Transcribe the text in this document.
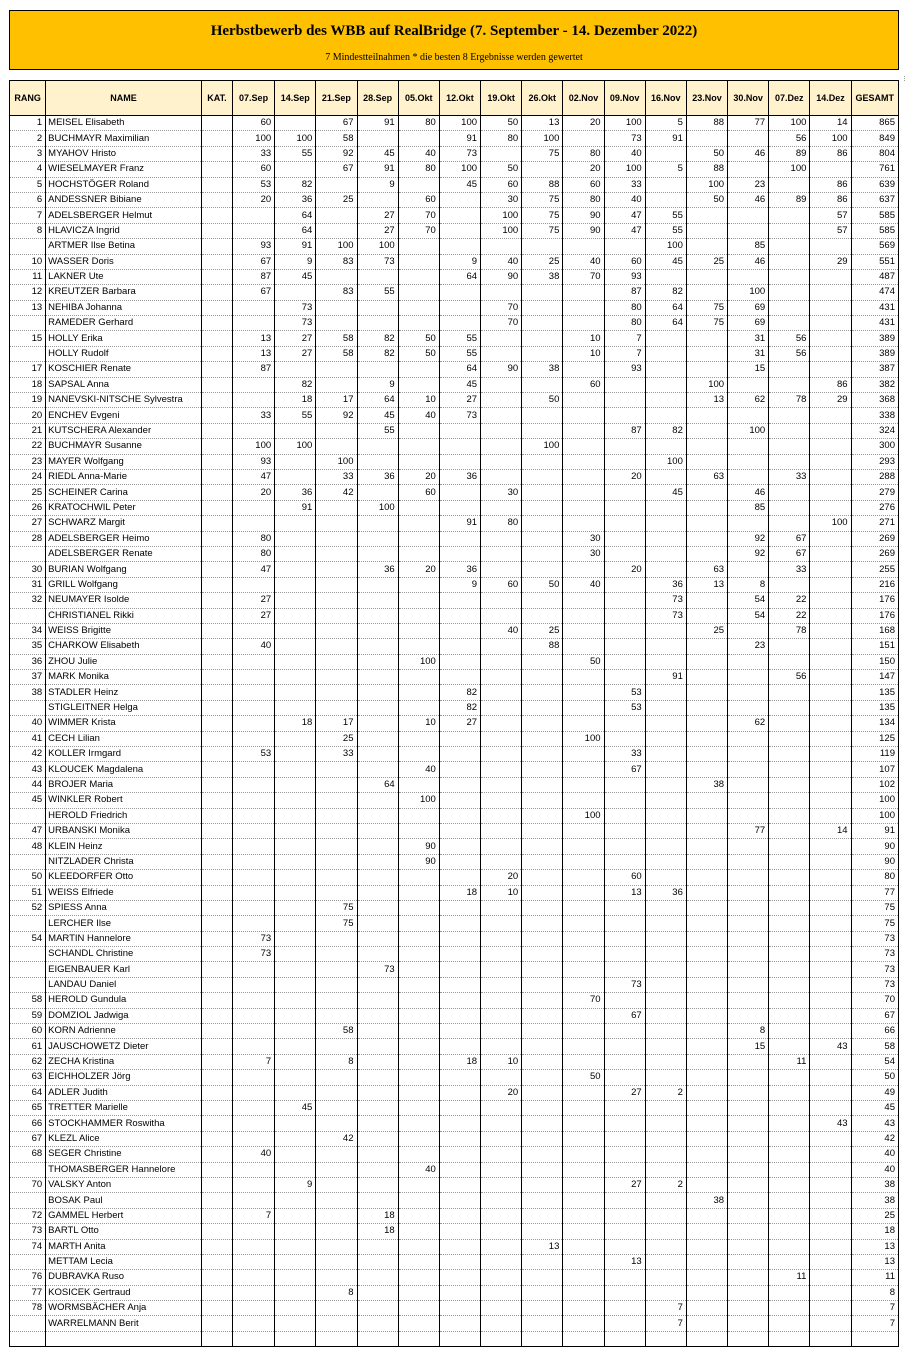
Herbstbewerb des WBB auf RealBridge (7. September - 14. Dezember 2022)
7 Mindestteilnahmen * die besten 8 Ergebnisse werden gewertet
RANG	NAME	KAT.	07.Sep	14.Sep	21.Sep	28.Sep	05.Okt	12.Okt	19.Okt	26.Okt	02.Nov	09.Nov	16.Nov	23.Nov	30.Nov	07.Dez	14.Dez	GESAMT
1	MEISEL Elisabeth		60		67	91	80	100	50	13	20	100	5	88	77	100	14	865
2	BUCHMAYR Maximilian		100	100	58			91	80	100		73	91			56	100	849
3	MYAHOV Hristo		33	55	92	45	40	73		75	80	40		50	46	89	86	804
4	WIESELMAYER Franz		60		67	91	80	100	50		20	100	5	88		100		761
5	HOCHSTÖGER Roland		53	82		9		45	60	88	60	33		100	23		86	639
6	ANDESSNER Bibiane		20	36	25		60		30	75	80	40		50	46	89	86	637
7	ADELSBERGER Helmut			64		27	70		100	75	90	47	55				57	585
8	HLAVICZA Ingrid			64		27	70		100	75	90	47	55				57	585
	ARTMER Ilse Betina		93	91	100	100							100		85			569
10	WASSER Doris		67	9	83	73		9	40	25	40	60	45	25	46		29	551
11	LAKNER Ute		87	45				64	90	38	70	93						487
12	KREUTZER Barbara		67		83	55						87	82		100			474
13	NEHIBA Johanna			73					70			80	64	75	69			431
	RAMEDER Gerhard			73					70			80	64	75	69			431
15	HOLLY Erika		13	27	58	82	50	55			10	7			31	56		389
	HOLLY Rudolf		13	27	58	82	50	55			10	7			31	56		389
17	KOSCHIER Renate		87					64	90	38		93			15			387
18	SAPSAL Anna			82		9		45			60			100			86	382
19	NANEVSKI-NITSCHE Sylvestra			18	17	64	10	27		50				13	62	78	29	368
20	ENCHEV Evgeni		33	55	92	45	40	73										338
21	KUTSCHERA Alexander					55						87	82		100			324
22	BUCHMAYR Susanne		100	100						100								300
23	MAYER Wolfgang		93		100								100					293
24	RIEDL Anna-Marie		47		33	36	20	36				20		63		33		288
25	SCHEINER Carina		20	36	42		60		30				45		46			279
26	KRATOCHWIL Peter			91		100									85			276
27	SCHWARZ Margit							91	80								100	271
28	ADELSBERGER Heimo		80								30				92	67		269
	ADELSBERGER Renate		80								30				92	67		269
30	BURIAN Wolfgang		47			36	20	36				20		63		33		255
31	GRILL Wolfgang							9	60	50	40		36	13	8			216
32	NEUMAYER Isolde		27										73		54	22		176
	CHRISTIANEL Rikki		27										73		54	22		176
34	WEISS Brigitte								40	25				25		78		168
35	CHARKOW Elisabeth		40							88					23			151
36	ZHOU Julie						100				50							150
37	MARK Monika												91			56		147
38	STADLER Heinz							82				53						135
	STIGLEITNER Helga							82				53						135
40	WIMMER Krista			18	17		10	27							62			134
41	CECH Lilian				25						100							125
42	KOLLER Irmgard		53		33							33						119
43	KLOUCEK Magdalena						40					67						107
44	BROJER Maria					64								38				102
45	WINKLER Robert						100											100
	HEROLD Friedrich										100							100
47	URBANSKI Monika														77		14	91
48	KLEIN Heinz						90											90
	NITZLADER Christa						90											90
50	KLEEDORFER Otto								20			60						80
51	WEISS Elfriede							18	10			13	36					77
52	SPIESS Anna				75													75
	LERCHER Ilse				75													75
54	MARTIN Hannelore		73															73
	SCHANDL Christine		73															73
	EIGENBAUER Karl					73												73
	LANDAU Daniel											73						73
58	HEROLD Gundula										70							70
59	DOMZIOL Jadwiga											67						67
60	KORN Adrienne				58										8			66
61	JAUSCHOWETZ Dieter														15		43	58
62	ZECHA Kristina		7		8			18	10							11		54
63	EICHHOLZER Jörg										50							50
64	ADLER Judith								20			27	2					49
65	TRETTER Marielle			45														45
66	STOCKHAMMER Roswitha																43	43
67	KLEZL Alice				42													42
68	SEGER Christine		40															40
	THOMASBERGER Hannelore						40											40
70	VALSKY Anton			9								27	2					38
	BOSAK Paul													38				38
72	GAMMEL Herbert		7			18												25
73	BARTL Otto					18												18
74	MARTH Anita									13								13
	METTAM Lecia											13						13
76	DUBRAVKA Ruso															11		11
77	KOSICEK Gertraud				8													8
78	WORMSBÄCHER Anja												7					7
	WARRELMANN Berit												7					7
